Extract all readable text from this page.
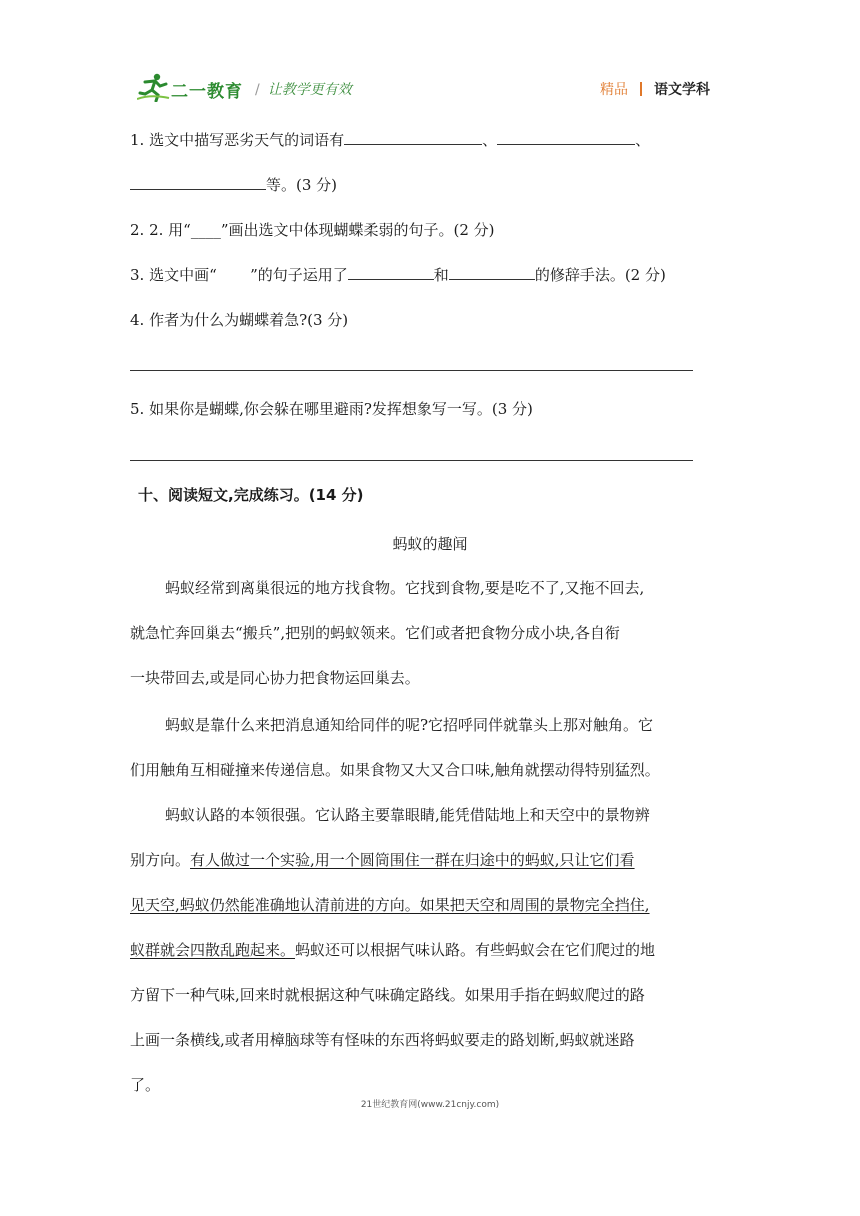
二一教育 / 让教学更有效	精品 语文学科
1. 选文中描写恶劣天气的词语有	、	、
等。(3 分)
2. 2. 用“____”画出选文中体现蝴蝶柔弱的句子。(2 分)
3. 选文中画“       ”的句子运用了	和	的修辞手法。(2 分)
4. 作者为什么为蝴蝶着急?(3 分)
5. 如果你是蝴蝶,你会躲在哪里避雨?发挥想象写一写。(3 分)
十、阅读短文,完成练习。(14 分)
蚂蚁的趣闻
蚂蚁经常到离巢很远的地方找食物。它找到食物,要是吃不了,又拖不回去,
就急忙奔回巢去“搬兵”,把别的蚂蚁领来。它们或者把食物分成小块,各自衔
一块带回去,或是同心协力把食物运回巢去。
蚂蚁是靠什么来把消息通知给同伴的呢?它招呼同伴就靠头上那对触角。它
们用触角互相碰撞来传递信息。如果食物又大又合口味,触角就摆动得特别猛烈。
蚂蚁认路的本领很强。它认路主要靠眼睛,能凭借陆地上和天空中的景物辨
别方向。有人做过一个实验,用一个圆筒围住一群在归途中的蚂蚁,只让它们看
见天空,蚂蚁仍然能准确地认清前进的方向。如果把天空和周围的景物完全挡住,
蚁群就会四散乱跑起来。蚂蚁还可以根据气味认路。有些蚂蚁会在它们爬过的地
方留下一种气味,回来时就根据这种气味确定路线。如果用手指在蚂蚁爬过的路
上画一条横线,或者用樟脑球等有怪味的东西将蚂蚁要走的路划断,蚂蚁就迷路
了。
21世纪教育网(www.21cnjy.com)
